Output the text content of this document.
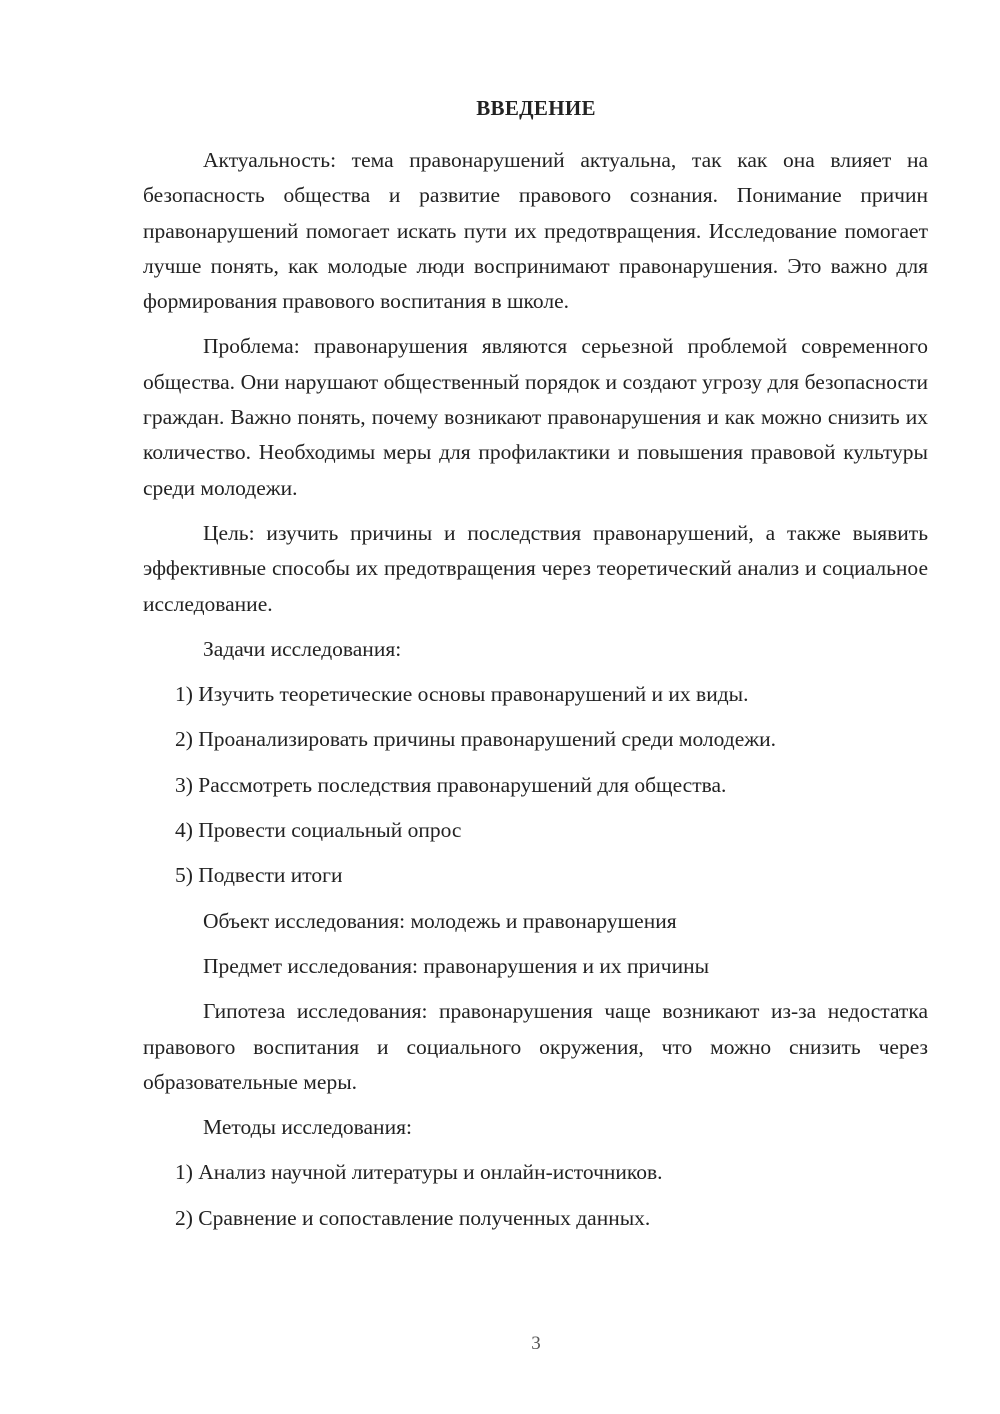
ВВЕДЕНИЕ

Актуальность: тема правонарушений актуальна, так как она влияет на безопасность общества и развитие правового сознания. Понимание причин правонарушений помогает искать пути их предотвращения. Исследование помогает лучше понять, как молодые люди воспринимают правонарушения. Это важно для формирования правового воспитания в школе.

Проблема: правонарушения являются серьезной проблемой современного общества. Они нарушают общественный порядок и создают угрозу для безопасности граждан. Важно понять, почему возникают правонарушения и как можно снизить их количество. Необходимы меры для профилактики и повышения правовой культуры среди молодежи.

Цель: изучить причины и последствия правонарушений, а также выявить эффективные способы их предотвращения через теоретический анализ и социальное исследование.

Задачи исследования:

1) Изучить теоретические основы правонарушений и их виды.

2) Проанализировать причины правонарушений среди молодежи.

3) Рассмотреть последствия правонарушений для общества.

4) Провести социальный опрос

5) Подвести итоги

Объект исследования: молодежь и правонарушения

Предмет исследования: правонарушения и их причины

Гипотеза исследования: правонарушения чаще возникают из-за недостатка правового воспитания и социального окружения, что можно снизить через образовательные меры.

Методы исследования:

1) Анализ научной литературы и онлайн-источников.

2) Сравнение и сопоставление полученных данных.

3
